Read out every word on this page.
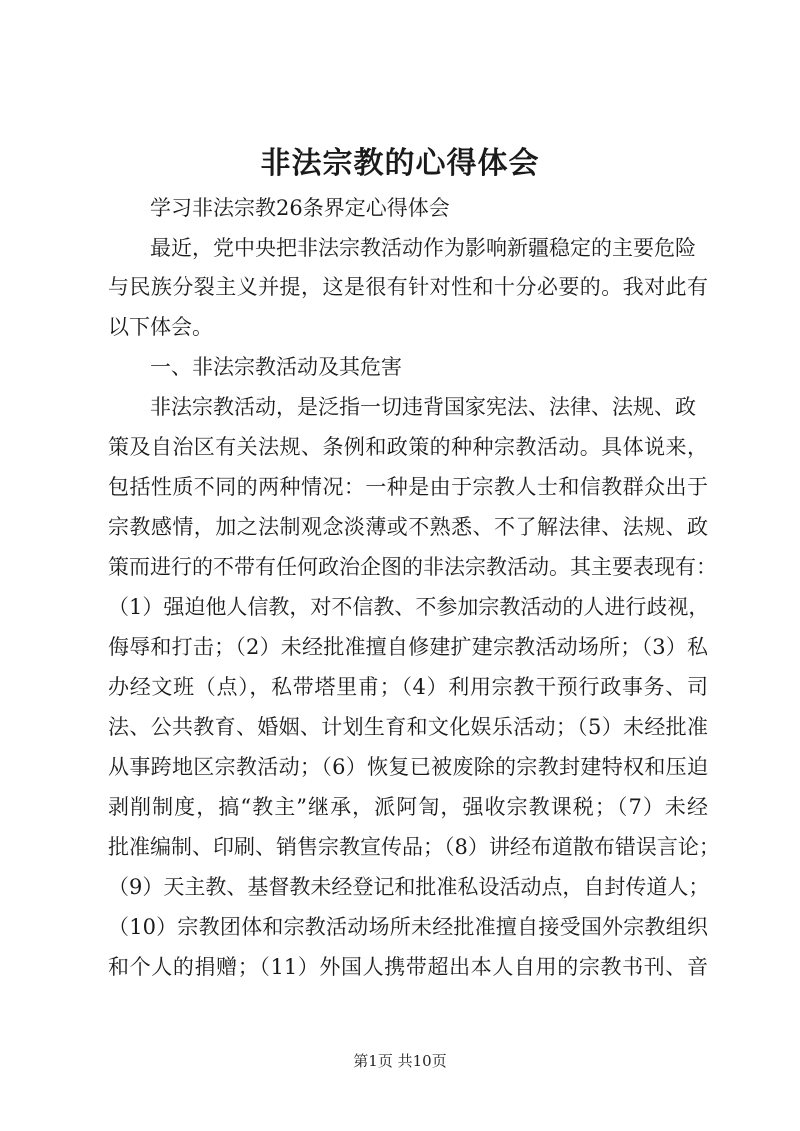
非法宗教的心得体会
学习非法宗教26条界定心得体会
最近，党中央把非法宗教活动作为影响新疆稳定的主要危险
与民族分裂主义并提，这是很有针对性和十分必要的。我对此有
以下体会。
一、非法宗教活动及其危害
非法宗教活动，是泛指一切违背国家宪法、法律、法规、政
策及自治区有关法规、条例和政策的种种宗教活动。具体说来，
包括性质不同的两种情况：一种是由于宗教人士和信教群众出于
宗教感情，加之法制观念淡薄或不熟悉、不了解法律、法规、政
策而进行的不带有任何政治企图的非法宗教活动。其主要表现有：
（1）强迫他人信教，对不信教、不参加宗教活动的人进行歧视，
侮辱和打击；（2）未经批准擅自修建扩建宗教活动场所；（3）私
办经文班（点），私带塔里甫；（4）利用宗教干预行政事务、司
法、公共教育、婚姻、计划生育和文化娱乐活动；（5）未经批准
从事跨地区宗教活动；（6）恢复已被废除的宗教封建特权和压迫
剥削制度，搞“教主”继承，派阿訇，强收宗教课税；（7）未经
批准编制、印刷、销售宗教宣传品；（8）讲经布道散布错误言论；
（9）天主教、基督教未经登记和批准私设活动点，自封传道人；
（10）宗教团体和宗教活动场所未经批准擅自接受国外宗教组织
和个人的捐赠；（11）外国人携带超出本人自用的宗教书刊、音
第1页 共10页
